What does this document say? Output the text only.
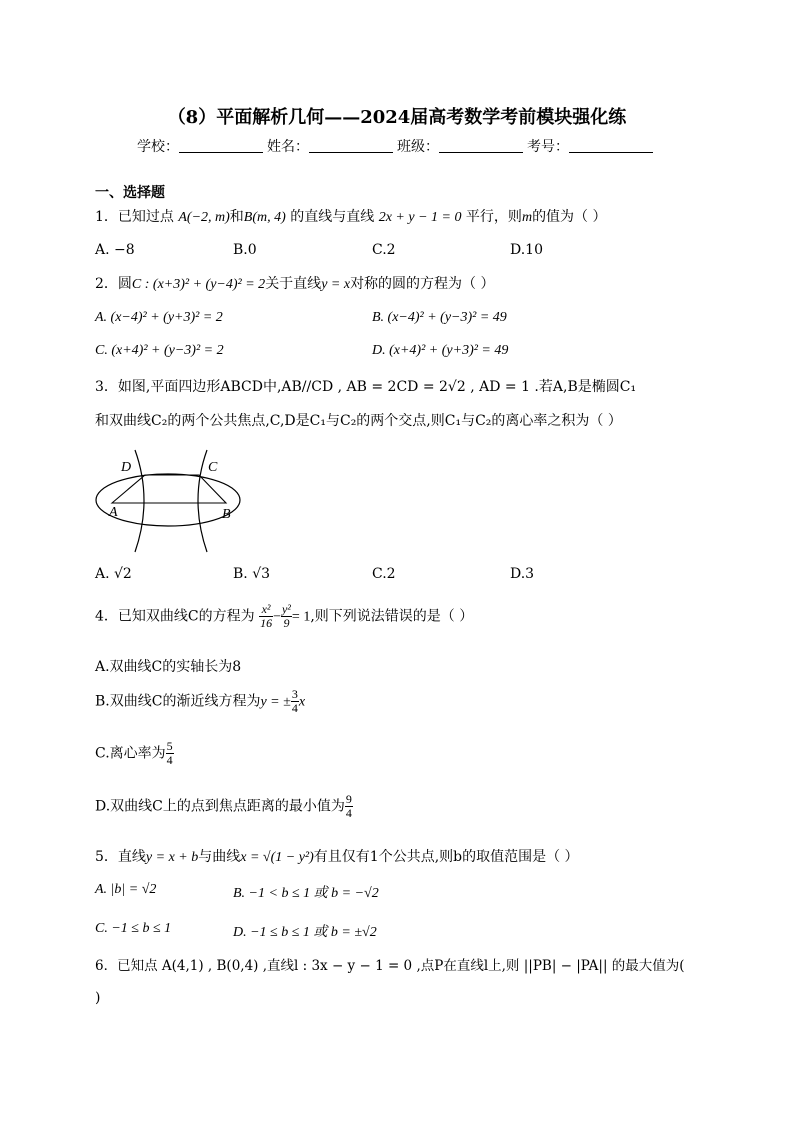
（8）平面解析几何——2024届高考数学考前模块强化练
学校：	姓名：	班级：	考号：
一、选择题
1．已知过点 A(−2, m)和B(m, 4) 的直线与直线 2x + y − 1 = 0 平行，则m的值为（ ）
A. −8	B.0	C.2	D.10
2．圆C : (x+3)² + (y−4)² = 2关于直线y = x对称的圆的方程为（ ）
A. (x−4)² + (y+3)² = 2	B. (x−4)² + (y−3)² = 49
C. (x+4)² + (y−3)² = 2	D. (x+4)² + (y+3)² = 49
3．如图,平面四边形ABCD中,AB//CD , AB = 2CD = 2√2 , AD = 1 .若A,B是椭圆C₁
和双曲线C₂的两个公共焦点,C,D是C₁与C₂的两个交点,则C₁与C₂的离心率之积为（ ）
D	C
A	B
A. √2	B. √3	C.2	D.3
4．已知双曲线C的方程为 $\frac{\text{x²}}{16} - \frac{\text{y²}}{9} = 1$,则下列说法错误的是（ ）
A.双曲线C的实轴长为8
B.双曲线C的渐近线方程为y = ± $\frac{3}{4}$ x
C.离心率为 $\frac{5}{4}$
D.双曲线C上的点到焦点距离的最小值为 $\frac{9}{4}$
5．直线y = x + b与曲线x = √(1 − y²)有且仅有1个公共点,则b的取值范围是（ ）
A. |b| = √2	B. −1 < b ≤ 1 或 b = −√2
C. −1 ≤ b ≤ 1	D. −1 ≤ b ≤ 1 或 b = ±√2
6．已知点 A(4,1) , B(0,4) ,直线l : 3x − y − 1 = 0 ,点P在直线l上,则 ||PB| − |PA|| 的最大值为(
)
